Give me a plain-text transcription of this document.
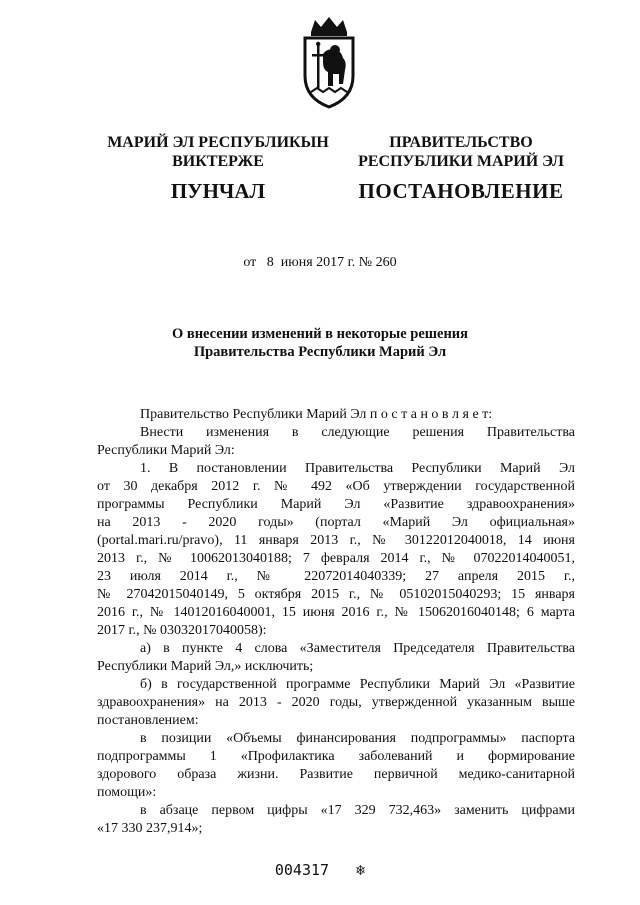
МАРИЙ ЭЛ РЕСПУБЛИКЫН
ВИКТЕРЖЕ
ПРАВИТЕЛЬСТВО
РЕСПУБЛИКИ МАРИЙ ЭЛ
ПУНЧАЛ	ПОСТАНОВЛЕНИЕ
от   8  июня 2017 г. № 260
О внесении изменений в некоторые решения
Правительства Республики Марий Эл

Правительство Республики Марий Эл п о с т а н о в л я е т:

Внести изменения в следующие решения Правительства

Республики Марий Эл:

1. В постановлении Правительства Республики Марий Эл

от 30 декабря 2012 г. № 492 «Об утверждении государственной

программы Республики Марий Эл «Развитие здравоохранения»

на 2013 - 2020 годы» (портал «Марий Эл официальная»

(portal.mari.ru/pravo), 11 января 2013 г., № 30122012040018, 14 июня

2013 г., № 10062013040188; 7 февраля 2014 г., № 07022014040051,

23 июля 2014 г., № 22072014040339; 27 апреля 2015 г.,

№ 27042015040149, 5 октября 2015 г., № 05102015040293; 15 января

2016 г., № 14012016040001, 15 июня 2016 г., № 15062016040148; 6 марта

2017 г., № 03032017040058):

а) в пункте 4 слова «Заместителя Председателя Правительства

Республики Марий Эл,» исключить;

б) в государственной программе Республики Марий Эл «Развитие

здравоохранения» на 2013 - 2020 годы, утвержденной указанным выше

постановлением:

в позиции «Объемы финансирования подпрограммы» паспорта

подпрограммы 1 «Профилактика заболеваний и формирование

здорового образа жизни. Развитие первичной медико-санитарной

помощи»:

в абзаце первом цифры «17 329 732,463» заменить цифрами

«17 330 237,914»;

004317 ❄
